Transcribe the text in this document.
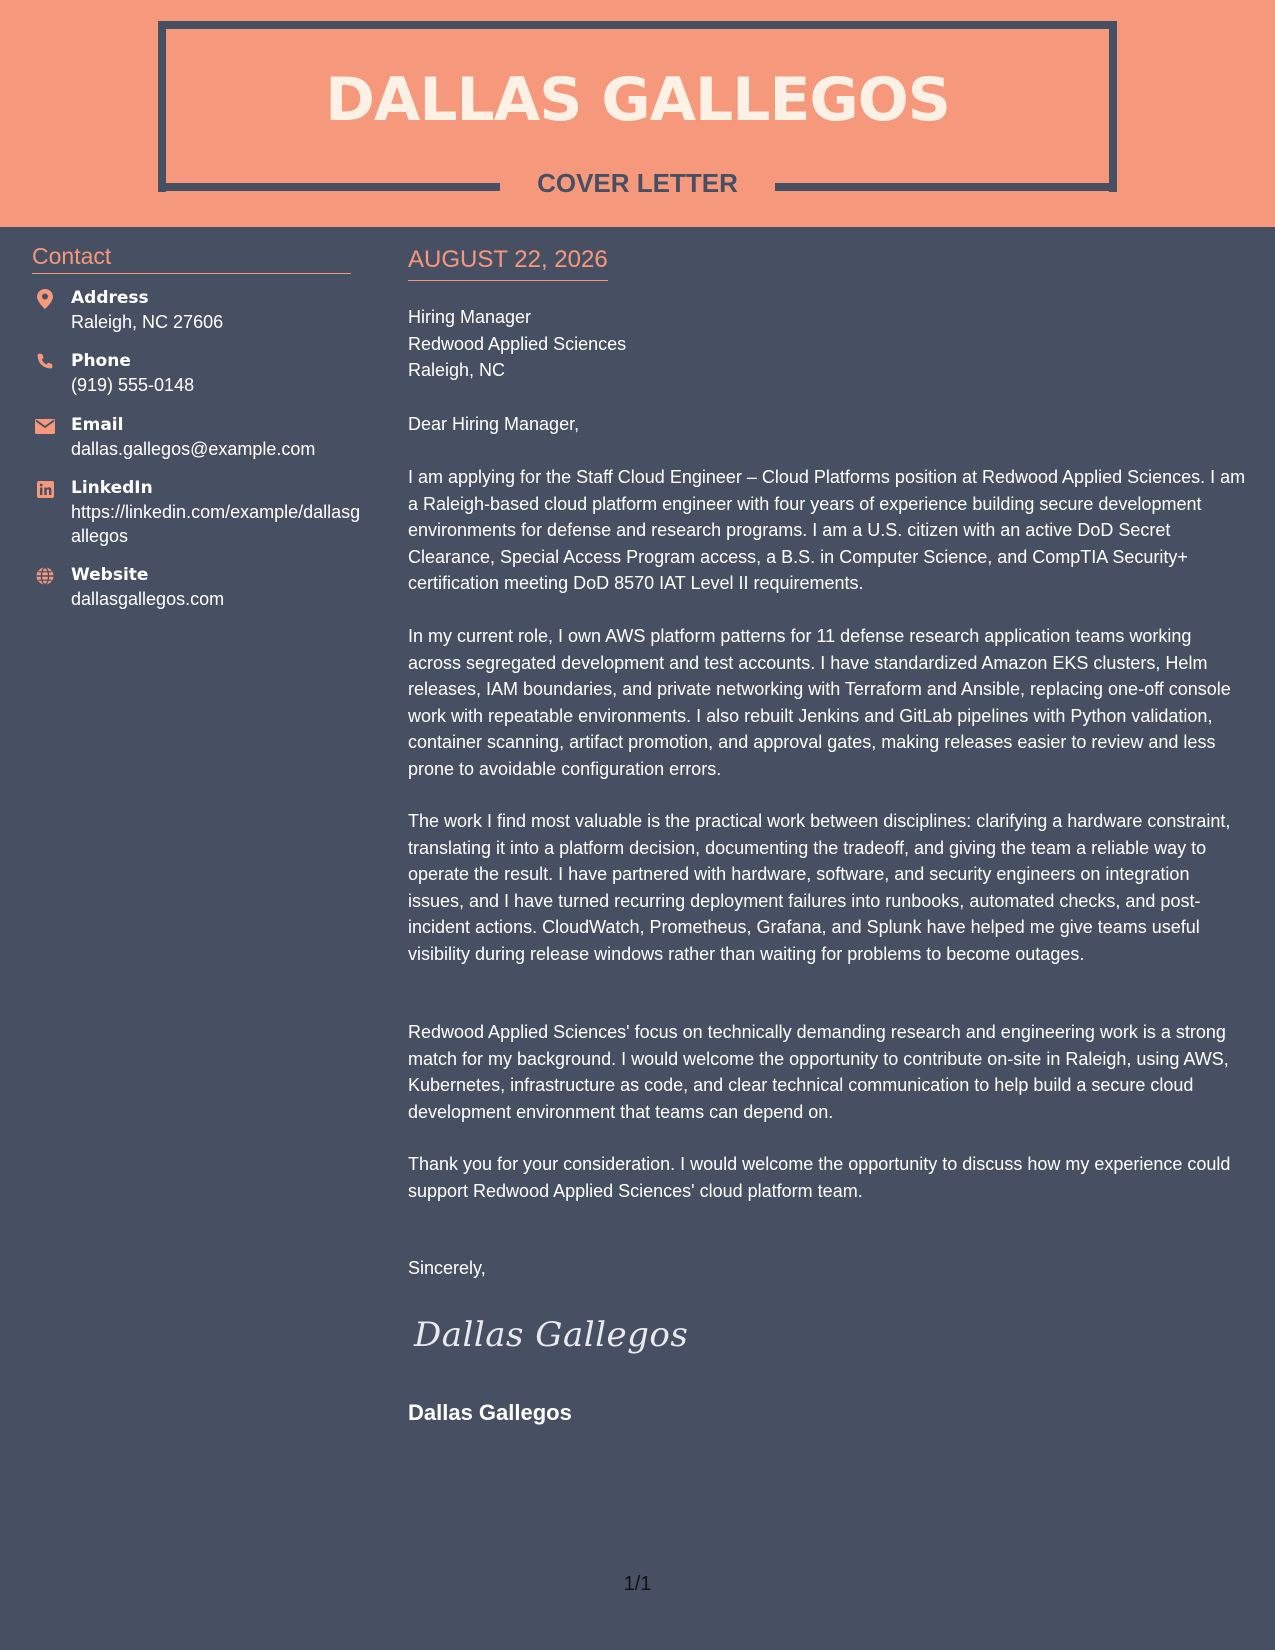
DALLAS GALLEGOS
COVER LETTER
Contact
Address
Raleigh, NC 27606
Phone
(919) 555-0148
Email
dallas.gallegos@example.com
LinkedIn
https://linkedin.com/example/dallasgallegos
Website
dallasgallegos.com
AUGUST 22, 2026
Hiring Manager
Redwood Applied Sciences
Raleigh, NC
Dear Hiring Manager,
I am applying for the Staff Cloud Engineer – Cloud Platforms position at Redwood Applied Sciences. I am a Raleigh-based cloud platform engineer with four years of experience building secure development environments for defense and research programs. I am a U.S. citizen with an active DoD Secret Clearance, Special Access Program access, a B.S. in Computer Science, and CompTIA Security+ certification meeting DoD 8570 IAT Level II requirements.
In my current role, I own AWS platform patterns for 11 defense research application teams working across segregated development and test accounts. I have standardized Amazon EKS clusters, Helm releases, IAM boundaries, and private networking with Terraform and Ansible, replacing one-off console work with repeatable environments. I also rebuilt Jenkins and GitLab pipelines with Python validation, container scanning, artifact promotion, and approval gates, making releases easier to review and less prone to avoidable configuration errors.
The work I find most valuable is the practical work between disciplines: clarifying a hardware constraint, translating it into a platform decision, documenting the tradeoff, and giving the team a reliable way to operate the result. I have partnered with hardware, software, and security engineers on integration issues, and I have turned recurring deployment failures into runbooks, automated checks, and post-incident actions. CloudWatch, Prometheus, Grafana, and Splunk have helped me give teams useful visibility during release windows rather than waiting for problems to become outages.
Redwood Applied Sciences' focus on technically demanding research and engineering work is a strong match for my background. I would welcome the opportunity to contribute on-site in Raleigh, using AWS, Kubernetes, infrastructure as code, and clear technical communication to help build a secure cloud development environment that teams can depend on.
Thank you for your consideration. I would welcome the opportunity to discuss how my experience could support Redwood Applied Sciences' cloud platform team.
Sincerely,
Dallas Gallegos
Dallas Gallegos
1/1
